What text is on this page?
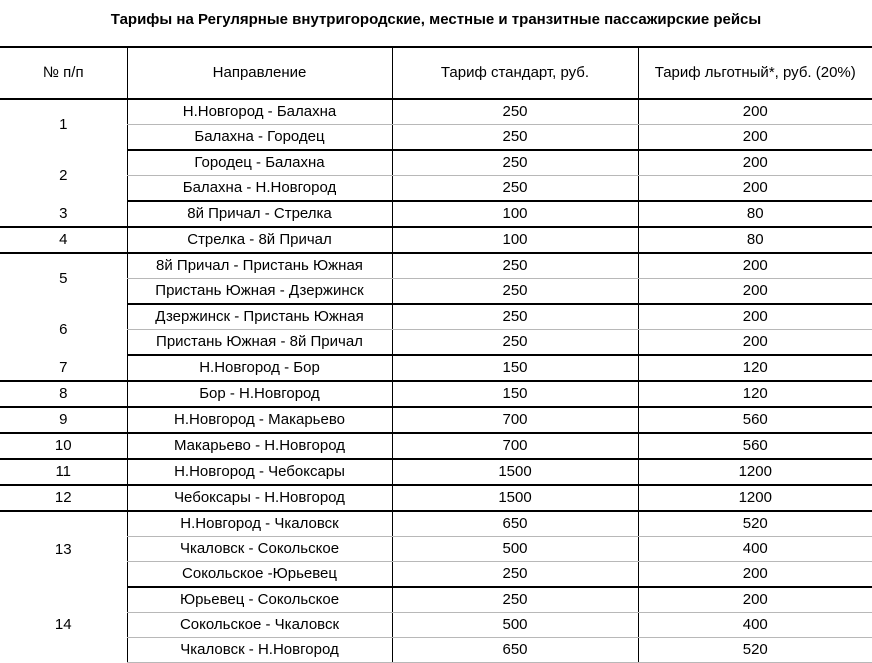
Тарифы на Регулярные внутригородские, местные и транзитные пассажирские рейсы
№ п/п	Направление	Тариф стандарт, руб.	Тариф льготный*, руб. (20%)
1	Н.Новгород - Балахна	250	200
	Балахна - Городец	250	200
2	Городец - Балахна	250	200
	Балахна - Н.Новгород	250	200
3	8й Причал - Стрелка	100	80
4	Стрелка - 8й Причал	100	80
5	8й Причал - Пристань Южная	250	200
	Пристань Южная - Дзержинск	250	200
6	Дзержинск - Пристань Южная	250	200
	Пристань Южная - 8й Причал	250	200
7	Н.Новгород - Бор	150	120
8	Бор - Н.Новгород	150	120
9	Н.Новгород - Макарьево	700	560
10	Макарьево - Н.Новгород	700	560
11	Н.Новгород - Чебоксары	1500	1200
12	Чебоксары - Н.Новгород	1500	1200
13	Н.Новгород - Чкаловск	650	520
	Чкаловск - Сокольское	500	400
	Сокольское -Юрьевец	250	200
14	Юрьевец - Сокольское	250	200
	Сокольское - Чкаловск	500	400
	Чкаловск - Н.Новгород	650	520
